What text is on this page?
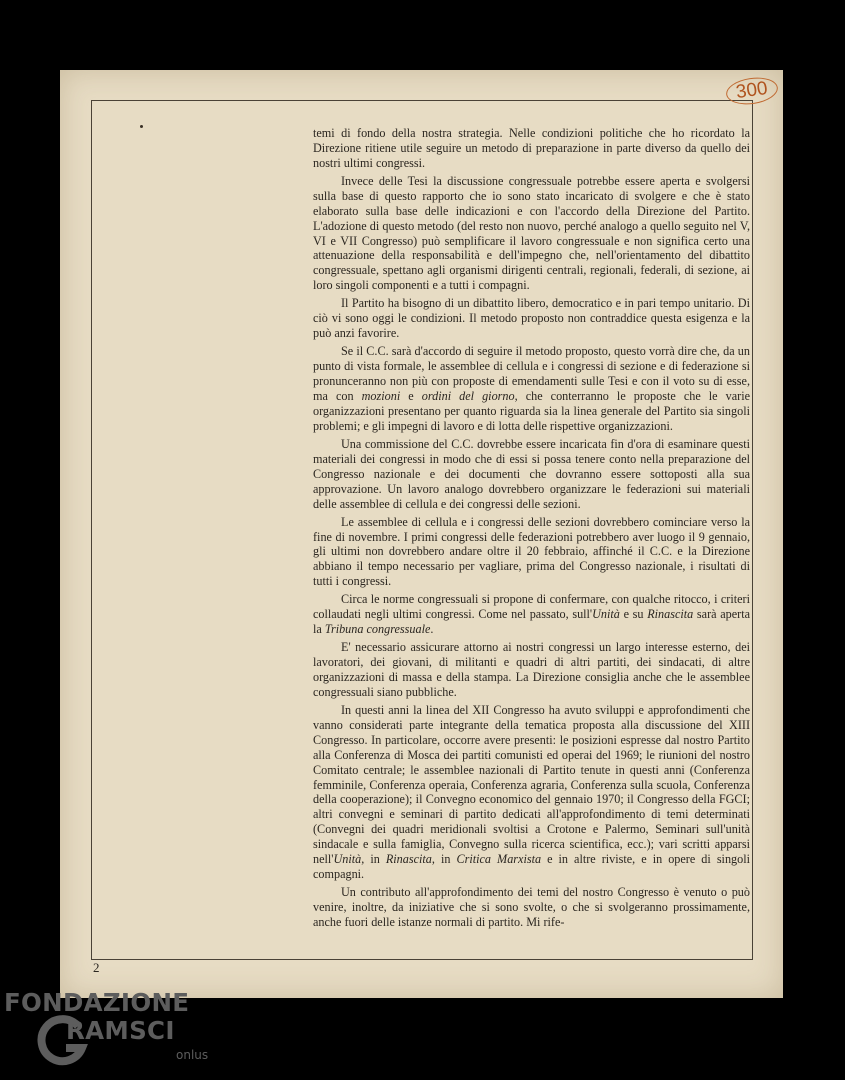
300

temi di fondo della nostra strategia. Nelle condizioni politiche che ho ricordato la Direzione ritiene utile seguire un metodo di preparazione in parte diverso da quello dei nostri ultimi congressi.

Invece delle Tesi la discussione congressuale potrebbe essere aperta e svolgersi sulla base di questo rapporto che io sono stato incaricato di svolgere e che è stato elaborato sulla base delle indicazioni e con l'accordo della Direzione del Partito. L'adozione di questo metodo (del resto non nuovo, perché analogo a quello seguito nel V, VI e VII Congresso) può semplificare il lavoro congressuale e non significa certo una attenuazione della responsabilità e dell'impegno che, nell'orientamento del dibattito congressuale, spettano agli organismi dirigenti centrali, regionali, federali, di sezione, ai loro singoli componenti e a tutti i compagni.

Il Partito ha bisogno di un dibattito libero, democratico e in pari tempo unitario. Di ciò vi sono oggi le condizioni. Il metodo proposto non contraddice questa esigenza e la può anzi favorire.

Se il C.C. sarà d'accordo di seguire il metodo proposto, questo vorrà dire che, da un punto di vista formale, le assemblee di cellula e i congressi di sezione e di federazione si pronunceranno non più con proposte di emendamenti sulle Tesi e con il voto su di esse, ma con mozioni e ordini del giorno, che conterranno le proposte che le varie organizzazioni presentano per quanto riguarda sia la linea generale del Partito sia singoli problemi; e gli impegni di lavoro e di lotta delle rispettive organizzazioni.

Una commissione del C.C. dovrebbe essere incaricata fin d'ora di esaminare questi materiali dei congressi in modo che di essi si possa tenere conto nella preparazione del Congresso nazionale e dei documenti che dovranno essere sottoposti alla sua approvazione. Un lavoro analogo dovrebbero organizzare le federazioni sui materiali delle assemblee di cellula e dei congressi delle sezioni.

Le assemblee di cellula e i congressi delle sezioni dovrebbero cominciare verso la fine di novembre. I primi congressi delle federazioni potrebbero aver luogo il 9 gennaio, gli ultimi non dovrebbero andare oltre il 20 febbraio, affinché il C.C. e la Direzione abbiano il tempo necessario per vagliare, prima del Congresso nazionale, i risultati di tutti i congressi.

Circa le norme congressuali si propone di confermare, con qualche ritocco, i criteri collaudati negli ultimi congressi. Come nel passato, sull'Unità e su Rinascita sarà aperta la Tribuna congressuale.

E' necessario assicurare attorno ai nostri congressi un largo interesse esterno, dei lavoratori, dei giovani, di militanti e quadri di altri partiti, dei sindacati, di altre organizzazioni di massa e della stampa. La Direzione consiglia anche che le assemblee congressuali siano pubbliche.

In questi anni la linea del XII Congresso ha avuto sviluppi e approfondimenti che vanno considerati parte integrante della tematica proposta alla discussione del XIII Congresso. In particolare, occorre avere presenti: le posizioni espresse dal nostro Partito alla Conferenza di Mosca dei partiti comunisti ed operai del 1969; le riunioni del nostro Comitato centrale; le assemblee nazionali di Partito tenute in questi anni (Conferenza femminile, Conferenza operaia, Conferenza agraria, Conferenza sulla scuola, Conferenza della cooperazione); il Convegno economico del gennaio 1970; il Congresso della FGCI; altri convegni e seminari di partito dedicati all'approfondimento di temi determinati (Convegni dei quadri meridionali svoltisi a Crotone e Palermo, Seminari sull'unità sindacale e sulla famiglia, Convegno sulla ricerca scientifica, ecc.); vari scritti apparsi nell'Unità, in Rinascita, in Critica Marxista e in altre riviste, e in opere di singoli compagni.

Un contributo all'approfondimento dei temi del nostro Congresso è venuto o può venire, inoltre, da iniziative che si sono svolte, o che si svolgeranno prossimamente, anche fuori delle istanze normali di partito. Mi rife-

2
FONDAZIONE
RAMSCI
onlus
